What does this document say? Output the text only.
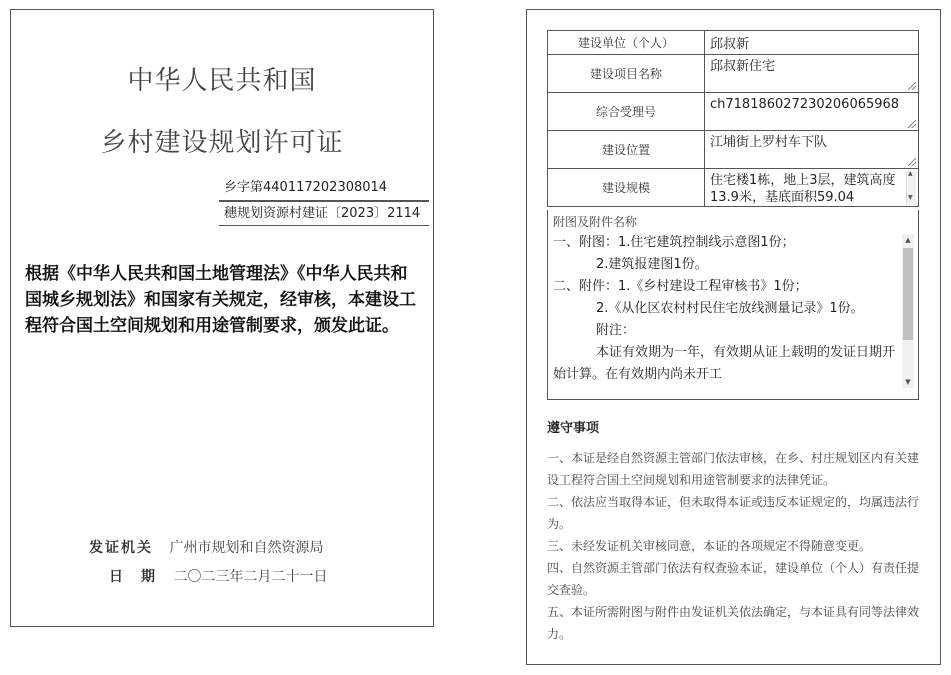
中华人民共和国
乡村建设规划许可证
乡字第440117202308014
穗规划资源村建证〔2023〕2114
根据《中华人民共和国土地管理法》《中华人民共和国城乡规划法》和国家有关规定，经审核，本建设工程符合国土空间规划和用途管制要求，颁发此证。
发证机关 广州市规划和自然资源局
日　期 二〇二三年二月二十一日
建设单位（个人）	邱叔新

建设项目名称	邱叔新住宅

综合受理号	ch718186027230206065968

建设位置	江埔街上罗村车下队

建设规模	住宅楼1栋，地上3层，建筑高度13.9米，基底面积59.04
▲ ▼
附图及附件名称
一、附图：1.住宅建筑控制线示意图1份；
2.建筑报建图1份。
二、附件：1.《乡村建设工程审核书》1份；
2.《从化区农村村民住宅放线测量记录》1份。
附注：
本证有效期为一年，有效期从证上载明的发证日期开始计算。在有效期内尚未开工
▲
▼
遵守事项
一、本证是经自然资源主管部门依法审核，在乡、村庄规划区内有关建设工程符合国土空间规划和用途管制要求的法律凭证。
二、依法应当取得本证，但未取得本证或违反本证规定的，均属违法行为。
三、未经发证机关审核同意，本证的各项规定不得随意变更。
四、自然资源主管部门依法有权查验本证，建设单位（个人）有责任提交查验。
五、本证所需附图与附件由发证机关依法确定，与本证具有同等法律效力。
